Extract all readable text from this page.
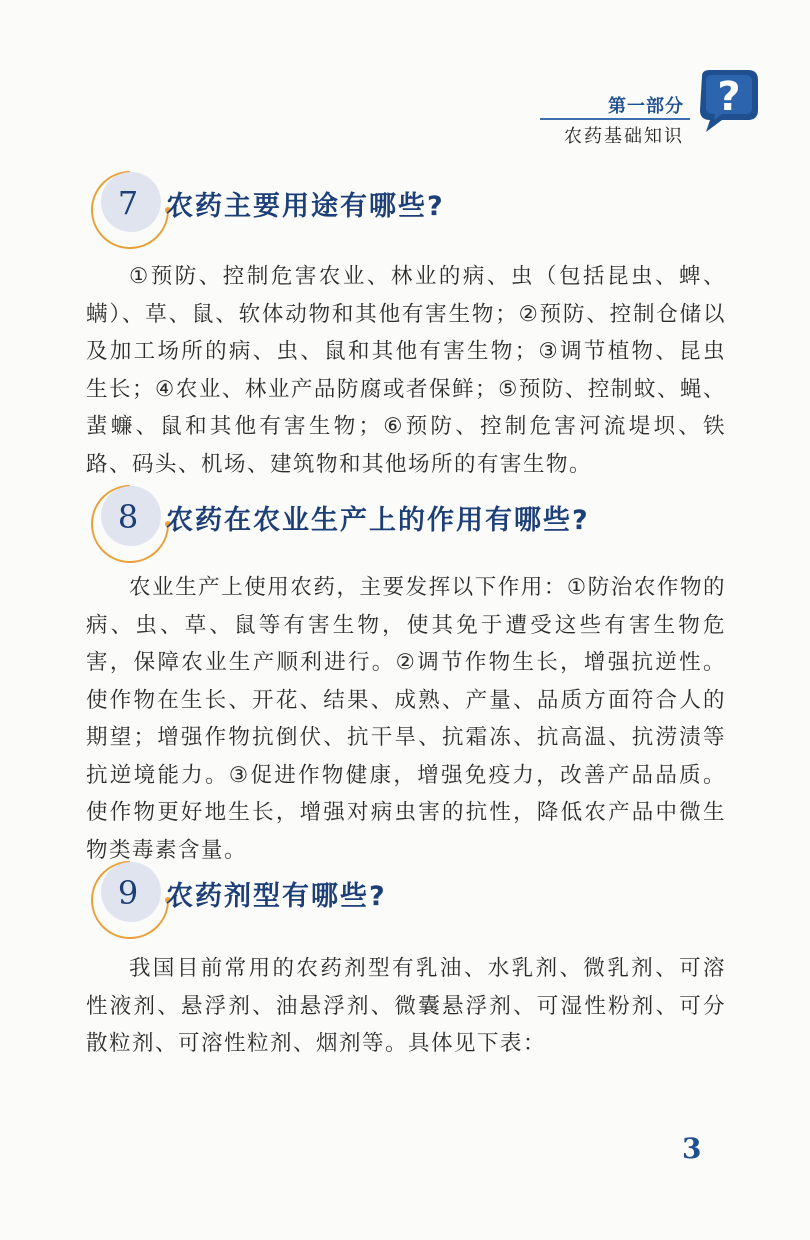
第一部分
农药基础知识
?
7 农药主要用途有哪些?
①预防、控制危害农业、林业的病、虫（包括昆虫、蜱、螨）、草、鼠、软体动物和其他有害生物；②预防、控制仓储以及加工场所的病、虫、鼠和其他有害生物；③调节植物、昆虫生长；④农业、林业产品防腐或者保鲜；⑤预防、控制蚊、蝇、蜚蠊、鼠和其他有害生物；⑥预防、控制危害河流堤坝、铁路、码头、机场、建筑物和其他场所的有害生物。
8 农药在农业生产上的作用有哪些?
农业生产上使用农药，主要发挥以下作用：①防治农作物的病、虫、草、鼠等有害生物，使其免于遭受这些有害生物危害，保障农业生产顺利进行。②调节作物生长，增强抗逆性。使作物在生长、开花、结果、成熟、产量、品质方面符合人的期望；增强作物抗倒伏、抗干旱、抗霜冻、抗高温、抗涝渍等抗逆境能力。③促进作物健康，增强免疫力，改善产品品质。使作物更好地生长，增强对病虫害的抗性，降低农产品中微生物类毒素含量。
9 农药剂型有哪些?
我国目前常用的农药剂型有乳油、水乳剂、微乳剂、可溶性液剂、悬浮剂、油悬浮剂、微囊悬浮剂、可湿性粉剂、可分散粒剂、可溶性粒剂、烟剂等。具体见下表：
3
